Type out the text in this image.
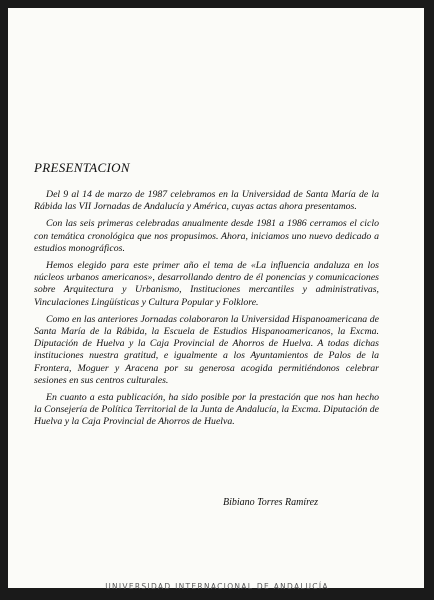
PRESENTACION

Del 9 al 14 de marzo de 1987 celebramos en la Universidad de Santa María de la Rábida las VII Jornadas de Andalucía y América, cuyas actas ahora presentamos.

Con las seis primeras celebradas anualmente desde 1981 a 1986 cerramos el ciclo con temática cronológica que nos propusimos. Ahora, iniciamos uno nuevo dedicado a estudios monográficos.

Hemos elegido para este primer año el tema de «La influencia andaluza en los núcleos urbanos americanos», desarrollando dentro de él ponencias y comunicaciones sobre Arquitectura y Urbanismo, Instituciones mercantiles y administrativas, Vinculaciones Lingüísticas y Cultura Popular y Folklore.

Como en las anteriores Jornadas colaboraron la Universidad Hispanoamericana de Santa María de la Rábida, la Escuela de Estudios Hispanoamericanos, la Excma. Diputación de Huelva y la Caja Provincial de Ahorros de Huelva. A todas dichas instituciones nuestra gratitud, e igualmente a los Ayuntamientos de Palos de la Frontera, Moguer y Aracena por su generosa acogida permitiéndonos celebrar sesiones en sus centros culturales.

En cuanto a esta publicación, ha sido posible por la prestación que nos han hecho la Consejería de Política Territorial de la Junta de Andalucía, la Excma. Diputación de Huelva y la Caja Provincial de Ahorros de Huelva.

Bibiano Torres Ramírez
UNIVERSIDAD INTERNACIONAL DE ANDALUCÍA
